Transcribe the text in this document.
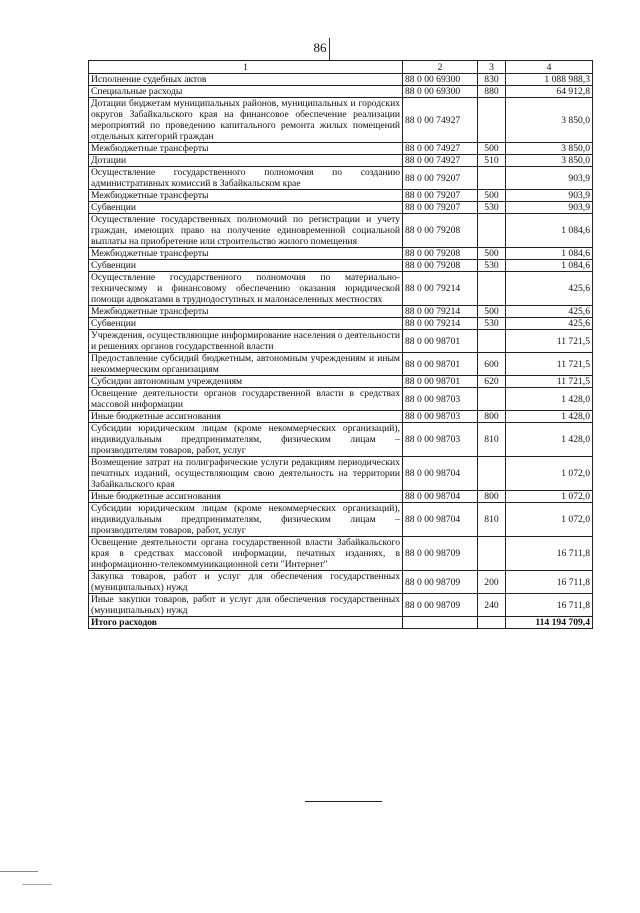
86
1	2	3	4
Исполнение судебных актов	88 0 00 69300	830	1 088 988,3
Специальные расходы	88 0 00 69300	880	64 912,8
Дотации бюджетам муниципальных районов, муниципальных и городских округов Забайкальского края на финансовое обеспечение реализации мероприятий по проведению капитального ремонта жилых помещений отдельных категорий граждан	88 0 00 74927		3 850,0
Межбюджетные трансферты	88 0 00 74927	500	3 850,0
Дотации	88 0 00 74927	510	3 850,0
Осуществление государственного полномочия по созданию административных комиссий в Забайкальском крае	88 0 00 79207		903,9
Межбюджетные трансферты	88 0 00 79207	500	903,9
Субвенции	88 0 00 79207	530	903,9
Осуществление государственных полномочий по регистрации и учету граждан, имеющих право на получение единовременной социальной выплаты на приобретение или строительство жилого помещения	88 0 00 79208		1 084,6
Межбюджетные трансферты	88 0 00 79208	500	1 084,6
Субвенции	88 0 00 79208	530	1 084,6
Осуществление государственного полномочия по материально-техническому и финансовому обеспечению оказания юридической помощи адвокатами в труднодоступных и малонаселенных местностях	88 0 00 79214		425,6
Межбюджетные трансферты	88 0 00 79214	500	425,6
Субвенции	88 0 00 79214	530	425,6
Учреждения, осуществляющие информирование населения о деятельности и решениях органов государственной власти	88 0 00 98701		11 721,5
Предоставление субсидий бюджетным, автономным учреждениям и иным некоммерческим организациям	88 0 00 98701	600	11 721,5
Субсидии автономным учреждениям	88 0 00 98701	620	11 721,5
Освещение деятельности органов государственной власти в средствах массовой информации	88 0 00 98703		1 428,0
Иные бюджетные ассигнования	88 0 00 98703	800	1 428,0
Субсидии юридическим лицам (кроме некоммерческих организаций), индивидуальным предпринимателям, физическим лицам – производителям товаров, работ, услуг	88 0 00 98703	810	1 428,0
Возмещение затрат на полиграфические услуги редакциям периодических печатных изданий, осуществляющим свою деятельность на территории Забайкальского края	88 0 00 98704		1 072,0
Иные бюджетные ассигнования	88 0 00 98704	800	1 072,0
Субсидии юридическим лицам (кроме некоммерческих организаций), индивидуальным предпринимателям, физическим лицам – производителям товаров, работ, услуг	88 0 00 98704	810	1 072,0
Освещение деятельности органа государственной власти Забайкальского края в средствах массовой информации, печатных изданиях, в информационно-телекоммуникационной сети "Интернет"	88 0 00 98709		16 711,8
Закупка товаров, работ и услуг для обеспечения государственных (муниципальных) нужд	88 0 00 98709	200	16 711,8
Иные закупки товаров, работ и услуг для обеспечения государственных (муниципальных) нужд	88 0 00 98709	240	16 711,8
Итого расходов			114 194 709,4
